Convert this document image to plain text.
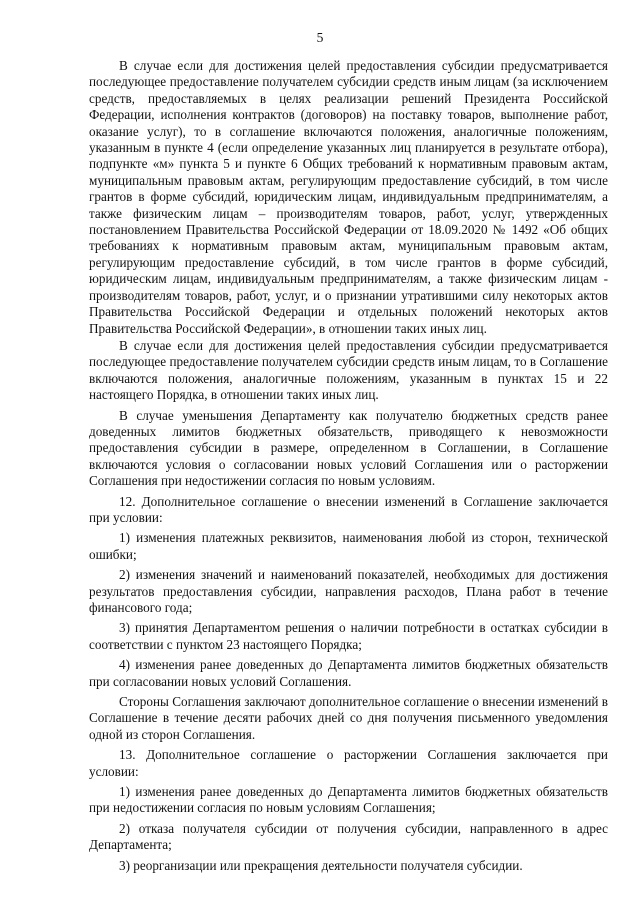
5

В случае если для достижения целей предоставления субсидии предусматривается последующее предоставление получателем субсидии средств иным лицам (за исключением средств, предоставляемых в целях реализации решений Президента Российской Федерации, исполнения контрактов (договоров) на поставку товаров, выполнение работ, оказание услуг), то в соглашение включаются положения, аналогичные положениям, указанным в пункте 4 (если определение указанных лиц планируется в результате отбора), подпункте «м» пункта 5 и пункте 6 Общих требований к нормативным правовым актам, муниципальным правовым актам, регулирующим предоставление субсидий, в том числе грантов в форме субсидий, юридическим лицам, индивидуальным предпринимателям, а также физическим лицам – производителям товаров, работ, услуг, утвержденных постановлением Правительства Российской Федерации от 18.09.2020 № 1492 «Об общих требованиях к нормативным правовым актам, муниципальным правовым актам, регулирующим предоставление субсидий, в том числе грантов в форме субсидий, юридическим лицам, индивидуальным предпринимателям, а также физическим лицам - производителям товаров, работ, услуг, и о признании утратившими силу некоторых актов Правительства Российской Федерации и отдельных положений некоторых актов Правительства Российской Федерации», в отношении таких иных лиц.

В случае если для достижения целей предоставления субсидии предусматривается последующее предоставление получателем субсидии средств иным лицам, то в Соглашение включаются положения, аналогичные положениям, указанным в пунктах 15 и 22 настоящего Порядка, в отношении таких иных лиц.

В случае уменьшения Департаменту как получателю бюджетных средств ранее доведенных лимитов бюджетных обязательств, приводящего к невозможности предоставления субсидии в размере, определенном в Соглашении, в Соглашение включаются условия о согласовании новых условий Соглашения или о расторжении Соглашения при недостижении согласия по новым условиям.

12. Дополнительное соглашение о внесении изменений в Соглашение заключается при условии:

1) изменения платежных реквизитов, наименования любой из сторон, технической ошибки;

2) изменения значений и наименований показателей, необходимых для достижения результатов предоставления субсидии, направления расходов, Плана работ в течение финансового года;

3) принятия Департаментом решения о наличии потребности в остатках субсидии в соответствии с пунктом 23 настоящего Порядка;

4) изменения ранее доведенных до Департамента лимитов бюджетных обязательств при согласовании новых условий Соглашения.

Стороны Соглашения заключают дополнительное соглашение о внесении изменений в Соглашение в течение десяти рабочих дней со дня получения письменного уведомления одной из сторон Соглашения.

13. Дополнительное соглашение о расторжении Соглашения заключается при условии:

1) изменения ранее доведенных до Департамента лимитов бюджетных обязательств при недостижении согласия по новым условиям Соглашения;

2) отказа получателя субсидии от получения субсидии, направленного в адрес Департамента;

3) реорганизации или прекращения деятельности получателя субсидии.
